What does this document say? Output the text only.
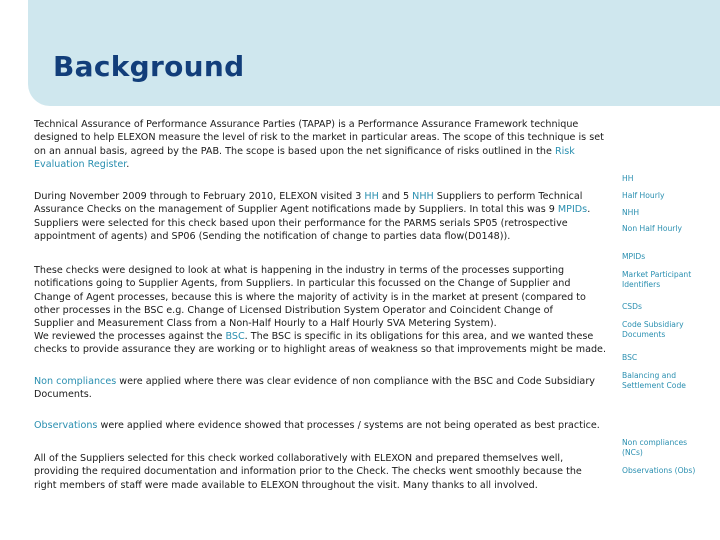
Background

Technical Assurance of Performance Assurance Parties (TAPAP) is a Performance Assurance Framework technique designed to help ELEXON measure the level of risk to the market in particular areas. The scope of this technique is set on an annual basis, agreed by the PAB. The scope is based upon the net significance of risks outlined in the Risk Evaluation Register.

During November 2009 through to February 2010, ELEXON visited 3 HH and 5 NHH Suppliers to perform Technical Assurance Checks on the management of Supplier Agent notifications made by Suppliers. In total this was 9 MPIDs. Suppliers were selected for this check based upon their performance for the PARMS serials SP05 (retrospective appointment of agents) and SP06 (Sending the notification of change to parties data flow(D0148)).

These checks were designed to look at what is happening in the industry in terms of the processes supporting notifications going to Supplier Agents, from Suppliers. In particular this focussed on the Change of Supplier and Change of Agent processes, because this is where the majority of activity is in the market at present (compared to other processes in the BSC e.g. Change of Licensed Distribution System Operator and Coincident Change of Supplier and Measurement Class from a Non-Half Hourly to a Half Hourly SVA Metering System).

We reviewed the processes against the BSC. The BSC is specific in its obligations for this area, and we wanted these checks to provide assurance they are working or to highlight areas of weakness so that improvements might be made.

Non compliances were applied where there was clear evidence of non compliance with the BSC and Code Subsidiary Documents.

Observations were applied where evidence showed that processes / systems are not being operated as best practice.

All of the Suppliers selected for this check worked collaboratively with ELEXON and prepared themselves well, providing the required documentation and information prior to the Check. The checks went smoothly because the right members of staff were made available to ELEXON throughout the visit. Many thanks to all involved.

HH
Half Hourly
NHH
Non Half Hourly
MPIDs
Market Participant Identifiers
CSDs
Code Subsidiary Documents
BSC
Balancing and Settlement Code
Non compliances (NCs)
Observations (Obs)
